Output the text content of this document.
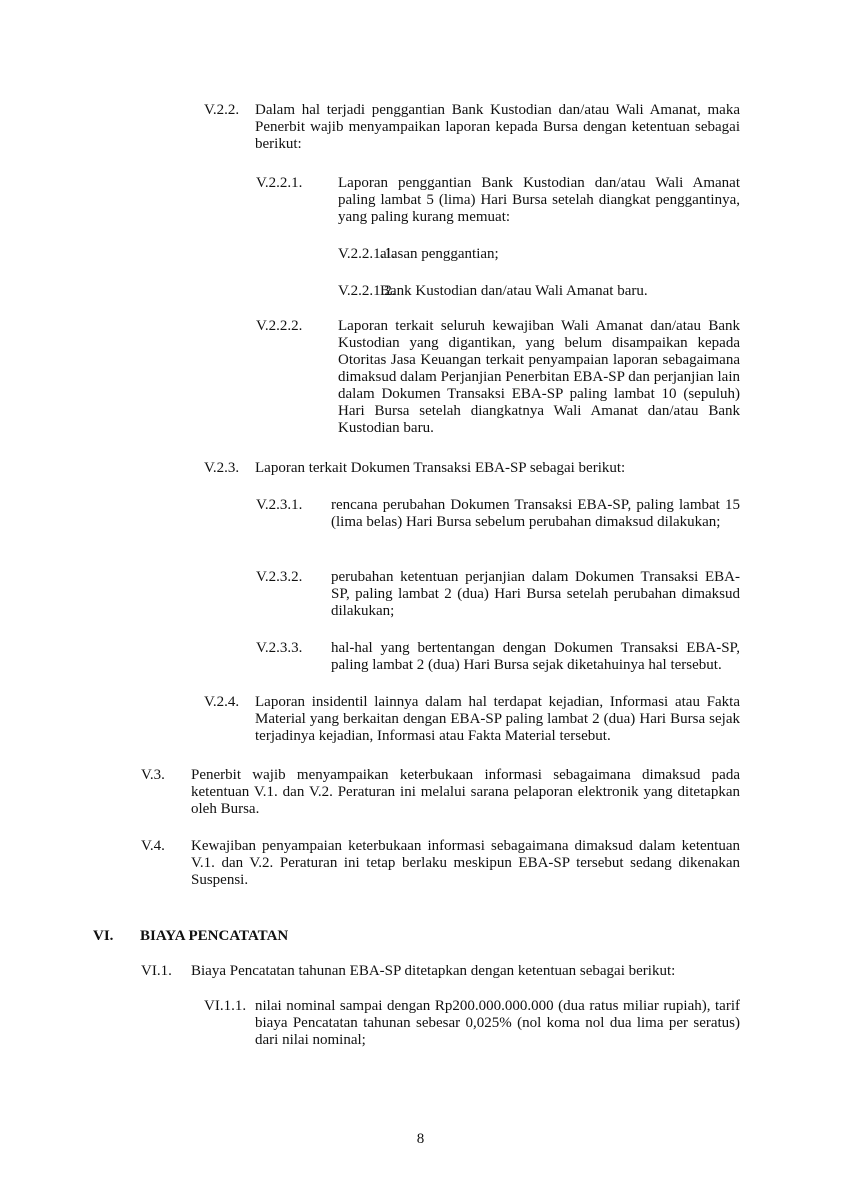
V.2.2. Dalam hal terjadi penggantian Bank Kustodian dan/atau Wali Amanat, maka Penerbit wajib menyampaikan laporan kepada Bursa dengan ketentuan sebagai berikut:
V.2.2.1. Laporan penggantian Bank Kustodian dan/atau Wali Amanat paling lambat 5 (lima) Hari Bursa setelah diangkat penggantinya, yang paling kurang memuat:
V.2.2.1.1.
alasan penggantian;
V.2.2.1.2.
Bank Kustodian dan/atau Wali Amanat baru.
V.2.2.2. Laporan terkait seluruh kewajiban Wali Amanat dan/atau Bank Kustodian yang digantikan, yang belum disampaikan kepada Otoritas Jasa Keuangan terkait penyampaian laporan sebagaimana dimaksud dalam Perjanjian Penerbitan EBA-SP dan perjanjian lain dalam Dokumen Transaksi EBA-SP paling lambat 10 (sepuluh) Hari Bursa setelah diangkatnya Wali Amanat dan/atau Bank Kustodian baru.
V.2.3. Laporan terkait Dokumen Transaksi EBA-SP sebagai berikut:
V.2.3.1. rencana perubahan Dokumen Transaksi EBA-SP, paling lambat 15 (lima belas) Hari Bursa sebelum perubahan dimaksud dilakukan;
V.2.3.2. perubahan ketentuan perjanjian dalam Dokumen Transaksi EBA-SP, paling lambat 2 (dua) Hari Bursa setelah perubahan dimaksud dilakukan;
V.2.3.3. hal-hal yang bertentangan dengan Dokumen Transaksi EBA-SP, paling lambat 2 (dua) Hari Bursa sejak diketahuinya hal tersebut.
V.2.4. Laporan insidentil lainnya dalam hal terdapat kejadian, Informasi atau Fakta Material yang berkaitan dengan EBA-SP paling lambat 2 (dua) Hari Bursa sejak terjadinya kejadian, Informasi atau Fakta Material tersebut.
V.3. Penerbit wajib menyampaikan keterbukaan informasi sebagaimana dimaksud pada ketentuan V.1. dan V.2. Peraturan ini melalui sarana pelaporan elektronik yang ditetapkan oleh Bursa.
V.4. Kewajiban penyampaian keterbukaan informasi sebagaimana dimaksud dalam ketentuan V.1. dan V.2. Peraturan ini tetap berlaku meskipun EBA-SP tersebut sedang dikenakan Suspensi.
VI. BIAYA PENCATATAN
VI.1. Biaya Pencatatan tahunan EBA-SP ditetapkan dengan ketentuan sebagai berikut:
VI.1.1. nilai nominal sampai dengan Rp200.000.000.000 (dua ratus miliar rupiah), tarif biaya Pencatatan tahunan sebesar 0,025% (nol koma nol dua lima per seratus) dari nilai nominal;
8
